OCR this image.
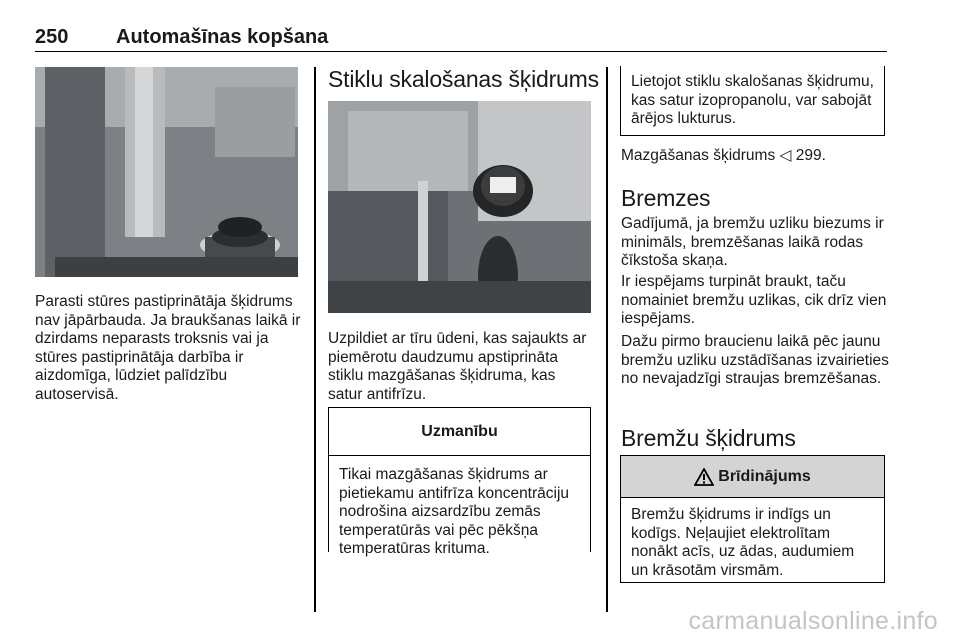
250 Automašīnas kopšana
Parasti stūres pastiprinātāja šķidrums nav jāpārbauda. Ja braukšanas laikā ir dzirdams neparasts troksnis vai ja stūres pastiprinātāja darbība ir aizdomīga, lūdziet palīdzību autoservisā.
Stiklu skalošanas šķidrums
Uzpildiet ar tīru ūdeni, kas sajaukts ar piemērotu daudzumu apstiprināta stiklu mazgāšanas šķidruma, kas satur antifrīzu.
Uzmanību
Tikai mazgāšanas šķidrums ar pietiekamu antifrīza koncentrāciju nodrošina aizsardzību zemās temperatūrās vai pēc pēkšņa temperatūras krituma.
Lietojot stiklu skalošanas šķidrumu, kas satur izopropanolu, var sabojāt ārējos lukturus.
Mazgāšanas šķidrums ◁ 299.
Bremzes
Gadījumā, ja bremžu uzliku biezums ir minimāls, bremzēšanas laikā rodas čīkstoša skaņa.
Ir iespējams turpināt braukt, taču nomainiet bremžu uzlikas, cik drīz vien iespējams.
Dažu pirmo braucienu laikā pēc jaunu bremžu uzliku uzstādīšanas izvairieties no nevajadzīgi straujas bremzēšanas.
Bremžu šķidrums
Brīdinājums
Bremžu šķidrums ir indīgs un kodīgs. Neļaujiet elektrolītam nonākt acīs, uz ādas, audumiem un krāsotām virsmām.
carmanualsonline.info
